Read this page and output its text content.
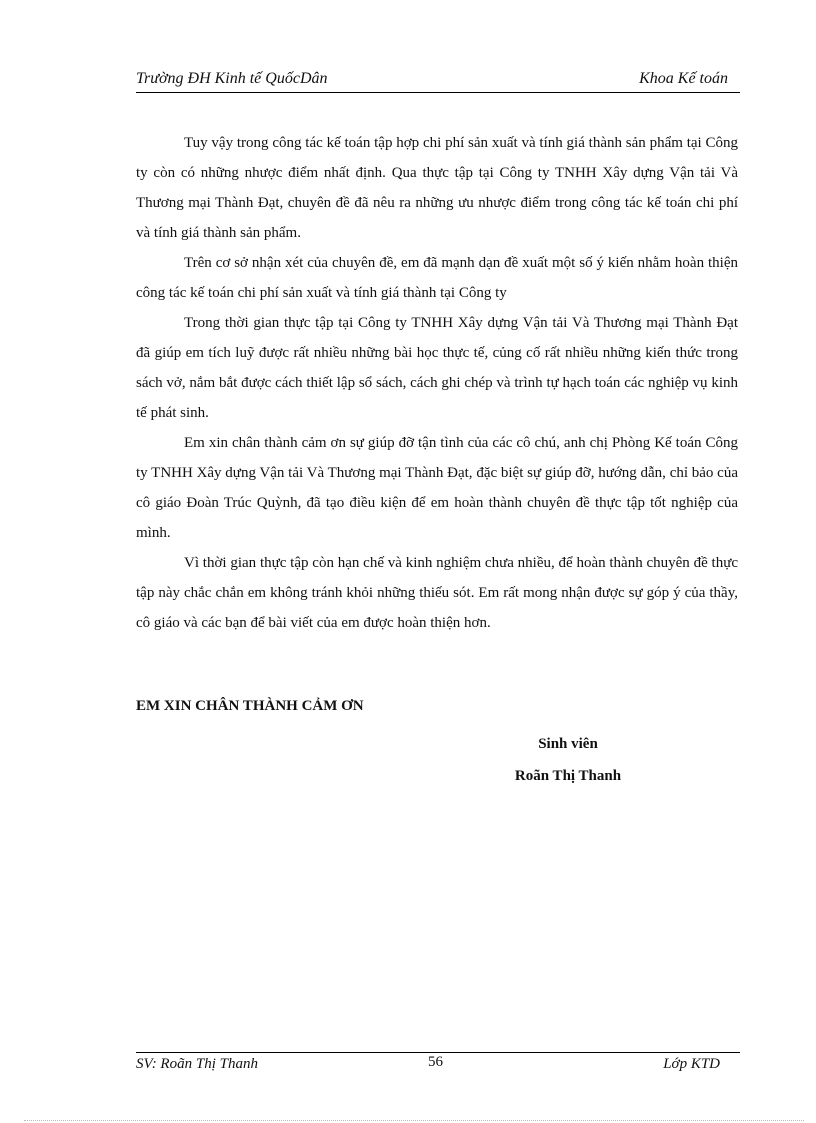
Trường ĐH Kinh tế QuốcDân	Khoa Kế toán

Tuy vậy trong công tác kế toán tập hợp chi phí sản xuất và tính giá thành sản phẩm tại Công ty còn có những nhược điểm nhất định. Qua thực tập tại Công ty TNHH Xây dựng Vận tải Và Thương mại Thành Đạt, chuyên đề đã nêu ra những ưu nhược điểm trong công tác kế toán chi phí và tính giá thành sản phẩm.

Trên cơ sở nhận xét của chuyên đề, em đã mạnh dạn đề xuất một số ý kiến nhằm hoàn thiện công tác kế toán chi phí sản xuất và tính giá thành tại Công ty

Trong thời gian thực tập tại Công ty TNHH Xây dựng Vận tải Và Thương mại Thành Đạt đã giúp em tích luỹ được rất nhiều những bài học thực tế, củng cố rất nhiều những kiến thức trong sách vở, nắm bắt được cách thiết lập sổ sách, cách ghi chép và trình tự hạch toán các nghiệp vụ kinh tế phát sinh.

Em xin chân thành cảm ơn sự giúp đỡ tận tình của các cô chú, anh chị Phòng Kế toán Công ty TNHH Xây dựng Vận tải Và Thương mại Thành Đạt, đặc biệt sự giúp đỡ, hướng dẫn, chỉ bảo của cô giáo Đoàn Trúc Quỳnh, đã tạo điều kiện để em hoàn thành chuyên đề thực tập tốt nghiệp của mình.

Vì thời gian thực tập còn hạn chế và kinh nghiệm chưa nhiều, để hoàn thành chuyên đề thực tập này chắc chắn em không tránh khỏi những thiếu sót. Em rất mong nhận được sự góp ý của thầy, cô giáo và các bạn để bài viết của em được hoàn thiện hơn.

EM XIN CHÂN THÀNH CẢM ƠN
Sinh viên
Roãn Thị Thanh
SV: Roãn Thị Thanh	56	Lớp KTD
